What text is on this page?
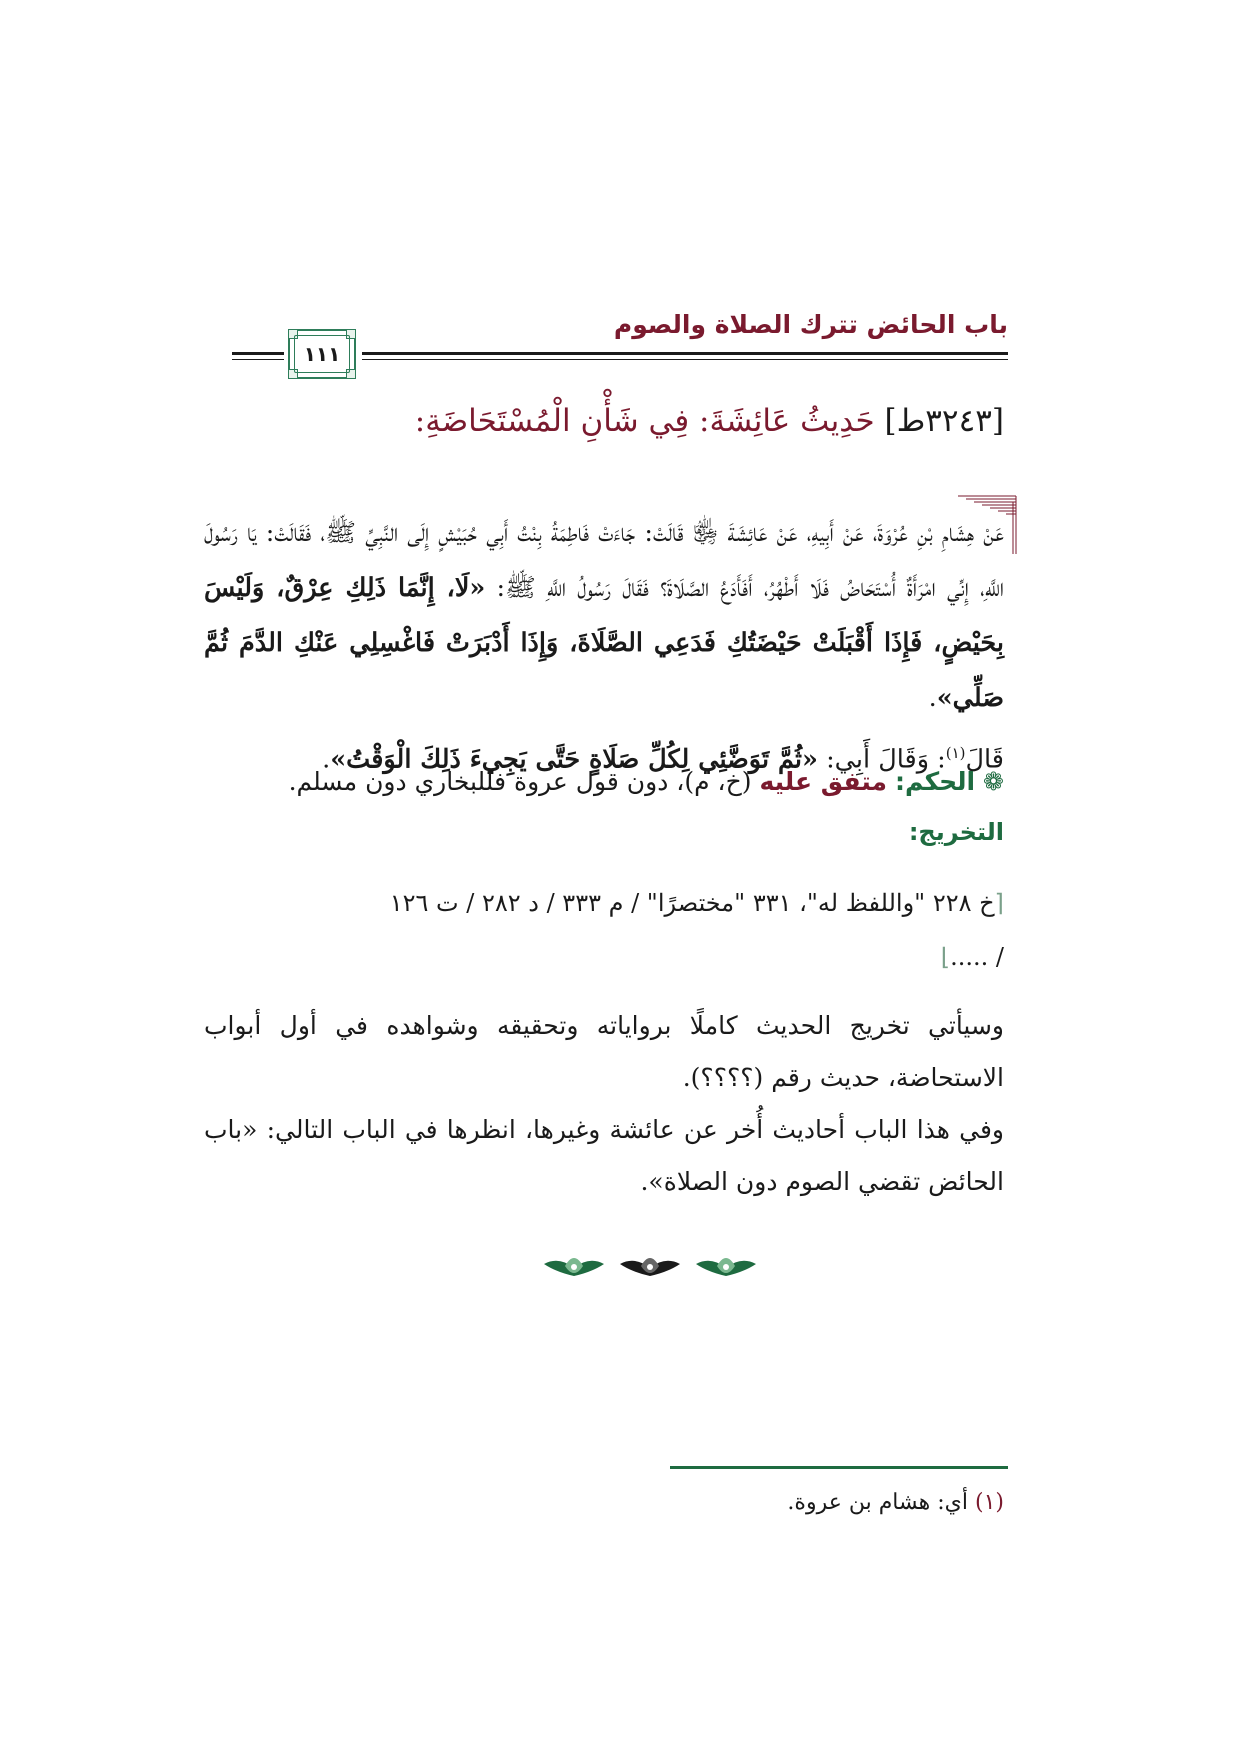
باب الحائض تترك الصلاة والصوم
١١١
[٣٢٤٣ط] حَدِيثُ عَائِشَةَ: فِي شَأْنِ الْمُسْتَحَاضَةِ:

عَنْ هِشَامِ بْنِ عُرْوَةَ، عَنْ أَبِيهِ، عَنْ عَائِشَةَ ﵂ قَالَتْ: جَاءَتْ فَاطِمَةُ بِنْتُ أَبِي حُبَيْشٍ إِلَى النَّبِيِّ ﷺ، فَقَالَتْ: يَا رَسُولَ اللَّهِ، إِنِّي امْرَأَةٌ أُسْتَحَاضُ فَلَا أَطْهُرُ، أَفَأَدَعُ الصَّلَاةَ؟ فَقَالَ رَسُولُ اللَّهِ ﷺ: «لَا، إِنَّمَا ذَلِكِ عِرْقٌ، وَلَيْسَ بِحَيْضٍ، فَإِذَا أَقْبَلَتْ حَيْضَتُكِ فَدَعِي الصَّلَاةَ، وَإِذَا أَدْبَرَتْ فَاغْسِلِي عَنْكِ الدَّمَ ثُمَّ صَلِّي».

قَالَ$^{(١)}$: وَقَالَ أَبِي: «ثُمَّ تَوَضَّئِي لِكُلِّ صَلَاةٍ حَتَّى يَجِيءَ ذَلِكَ الْوَقْتُ».

❁ الحكم: متفق عليه (خ، م)، دون قول عروة فللبخاري دون مسلم.
التخريج:
⌈خ ٢٢٨ "واللفظ له"، ٣٣١ "مختصرًا" / م ٣٣٣ / د ٢٨٢ / ت ١٢٦
/ .....⌋

وسيأتي تخريج الحديث كاملًا برواياته وتحقيقه وشواهده في أول أبواب الاستحاضة، حديث رقم (؟؟؟؟).

وفي هذا الباب أحاديث أُخر عن عائشة وغيرها، انظرها في الباب التالي: «باب الحائض تقضي الصوم دون الصلاة».

(١) أي: هشام بن عروة.
